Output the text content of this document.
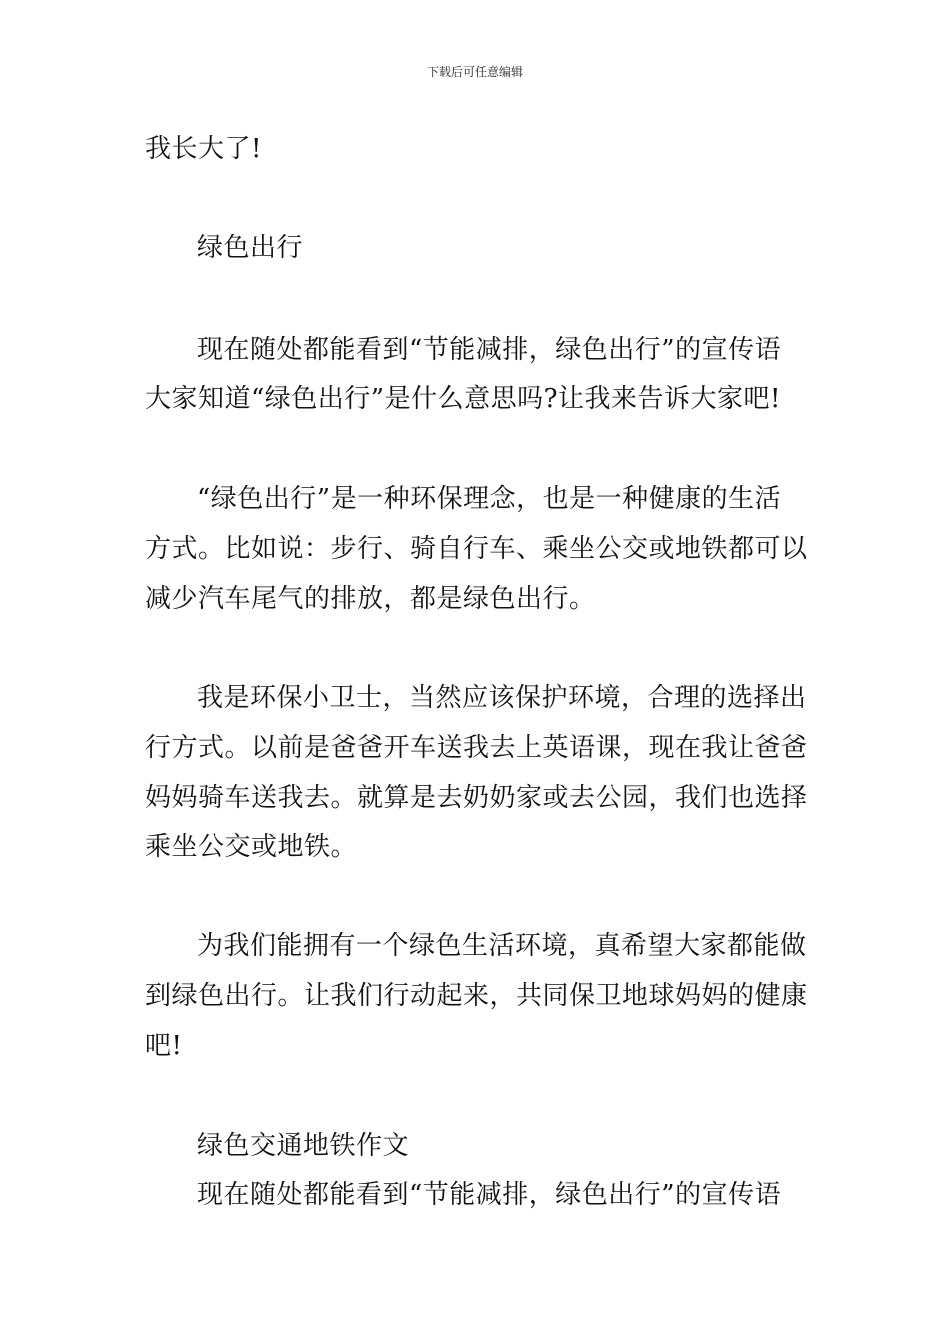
下载后可任意编辑
我长大了!
绿色出行
现在随处都能看到“节能减排，绿色出行”的宣传语
大家知道“绿色出行”是什么意思吗?让我来告诉大家吧!
“绿色出行”是一种环保理念，也是一种健康的生活
方式。比如说：步行、骑自行车、乘坐公交或地铁都可以
减少汽车尾气的排放，都是绿色出行。
我是环保小卫士，当然应该保护环境，合理的选择出
行方式。以前是爸爸开车送我去上英语课，现在我让爸爸
妈妈骑车送我去。就算是去奶奶家或去公园，我们也选择
乘坐公交或地铁。
为我们能拥有一个绿色生活环境，真希望大家都能做
到绿色出行。让我们行动起来，共同保卫地球妈妈的健康
吧!
绿色交通地铁作文
现在随处都能看到“节能减排，绿色出行”的宣传语
